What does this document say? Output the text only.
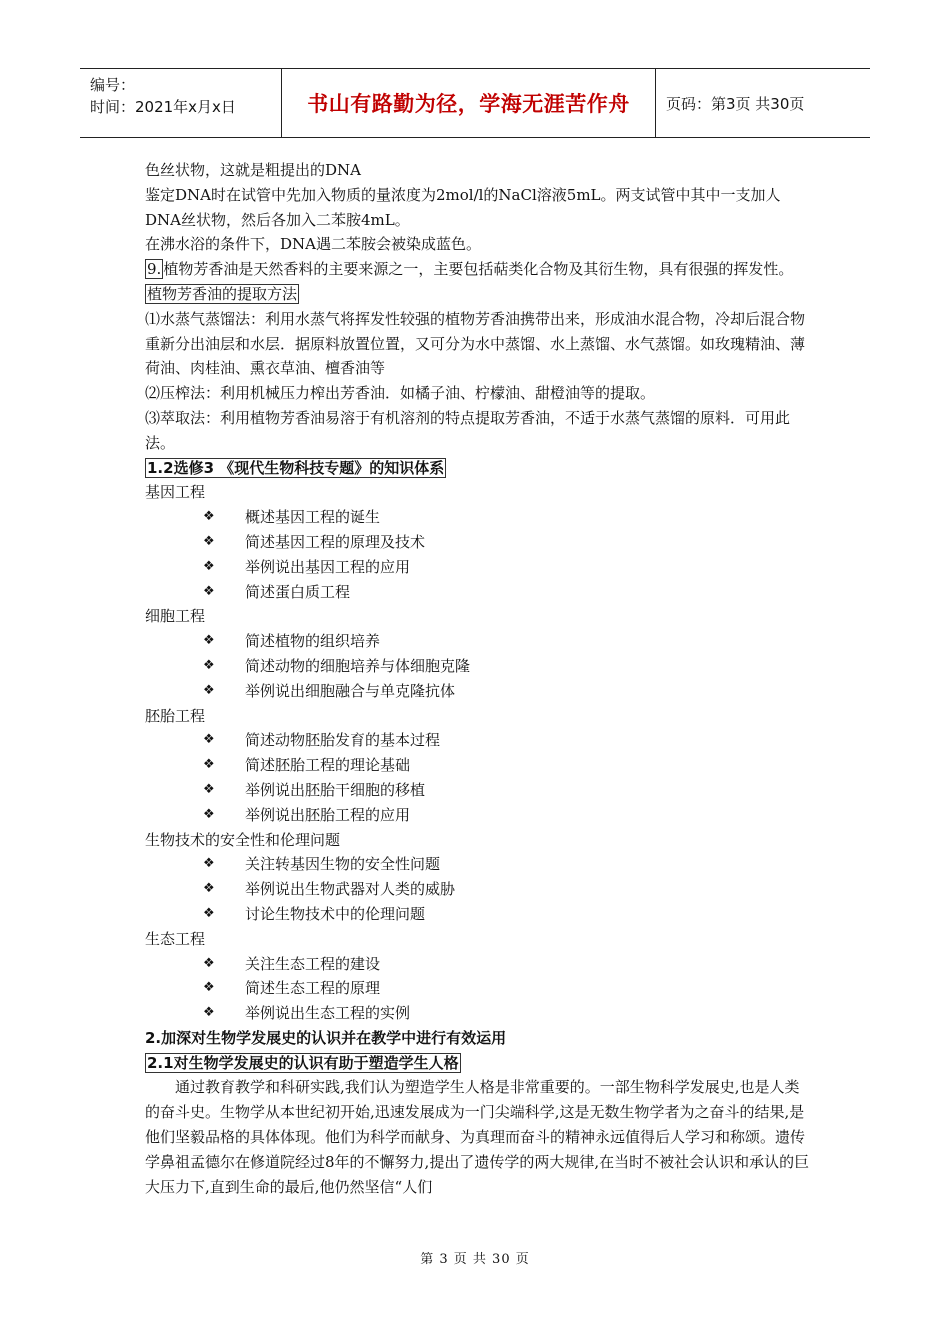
编号：
时间：2021年x月x日	书山有路勤为径，学海无涯苦作舟	页码：第3页 共30页

色丝状物，这就是粗提出的DNA

鉴定DNA时在试管中先加入物质的量浓度为2mol/l的NaCl溶液5mL。两支试管中其中一支加人DNA丝状物，然后各加入二苯胺4mL。

在沸水浴的条件下，DNA遇二苯胺会被染成蓝色。

9. 植物芳香油是天然香料的主要来源之一，主要包括萜类化合物及其衍生物，具有很强的挥发性。

植物芳香油的提取方法

⑴水蒸气蒸馏法：利用水蒸气将挥发性较强的植物芳香油携带出来，形成油水混合物，冷却后混合物重新分出油层和水层．据原料放置位置，又可分为水中蒸馏、水上蒸馏、水气蒸馏。如玫瑰精油、薄荷油、肉桂油、熏衣草油、檀香油等

⑵压榨法：利用机械压力榨出芳香油．如橘子油、柠檬油、甜橙油等的提取。

⑶萃取法：利用植物芳香油易溶于有机溶剂的特点提取芳香油，不适于水蒸气蒸馏的原料．可用此法。

1.2选修3 《现代生物科技专题》的知识体系

基因工程

❖	概述基因工程的诞生
❖	简述基因工程的原理及技术
❖	举例说出基因工程的应用
❖	简述蛋白质工程

细胞工程

❖	简述植物的组织培养
❖	简述动物的细胞培养与体细胞克隆
❖	举例说出细胞融合与单克隆抗体

胚胎工程

❖	简述动物胚胎发育的基本过程
❖	简述胚胎工程的理论基础
❖	举例说出胚胎干细胞的移植
❖	举例说出胚胎工程的应用

生物技术的安全性和伦理问题

❖	关注转基因生物的安全性问题
❖	举例说出生物武器对人类的威胁
❖	讨论生物技术中的伦理问题

生态工程

❖	关注生态工程的建设
❖	简述生态工程的原理
❖	举例说出生态工程的实例

2.加深对生物学发展史的认识并在教学中进行有效运用

2.1对生物学发展史的认识有助于塑造学生人格

通过教育教学和科研实践,我们认为塑造学生人格是非常重要的。一部生物科学发展史,也是人类的奋斗史。生物学从本世纪初开始,迅速发展成为一门尖端科学,这是无数生物学者为之奋斗的结果,是他们坚毅品格的具体体现。他们为科学而献身、为真理而奋斗的精神永远值得后人学习和称颂。遗传学鼻祖孟德尔在修道院经过8年的不懈努力,提出了遗传学的两大规律,在当时不被社会认识和承认的巨大压力下,直到生命的最后,他仍然坚信“人们

第 3 页 共 30 页
